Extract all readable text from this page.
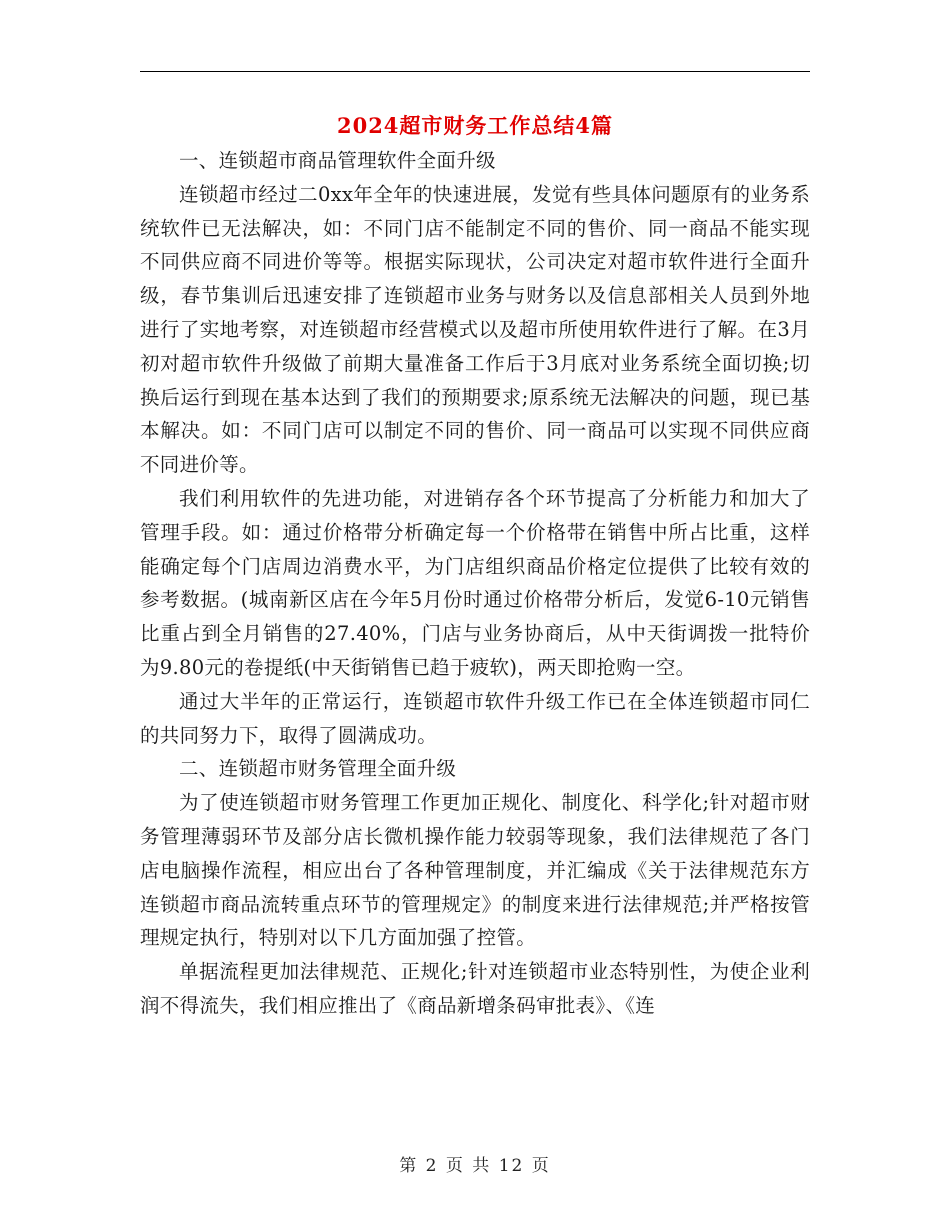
2024超市财务工作总结4篇

一、连锁超市商品管理软件全面升级

连锁超市经过二0xx年全年的快速进展，发觉有些具体问题原有的业务系统软件已无法解决，如：不同门店不能制定不同的售价、同一商品不能实现不同供应商不同进价等等。根据实际现状，公司决定对超市软件进行全面升级，春节集训后迅速安排了连锁超市业务与财务以及信息部相关人员到外地进行了实地考察，对连锁超市经营模式以及超市所使用软件进行了解。在3月初对超市软件升级做了前期大量准备工作后于3月底对业务系统全面切换;切换后运行到现在基本达到了我们的预期要求;原系统无法解决的问题，现已基本解决。如：不同门店可以制定不同的售价、同一商品可以实现不同供应商不同进价等。

我们利用软件的先进功能，对进销存各个环节提高了分析能力和加大了管理手段。如：通过价格带分析确定每一个价格带在销售中所占比重，这样能确定每个门店周边消费水平，为门店组织商品价格定位提供了比较有效的参考数据。(城南新区店在今年5月份时通过价格带分析后，发觉6-10元销售比重占到全月销售的27.40%，门店与业务协商后，从中天街调拨一批特价为9.80元的卷提纸(中天街销售已趋于疲软)，两天即抢购一空。

通过大半年的正常运行，连锁超市软件升级工作已在全体连锁超市同仁的共同努力下，取得了圆满成功。

二、连锁超市财务管理全面升级

为了使连锁超市财务管理工作更加正规化、制度化、科学化;针对超市财务管理薄弱环节及部分店长微机操作能力较弱等现象，我们法律规范了各门店电脑操作流程，相应出台了各种管理制度，并汇编成《关于法律规范东方连锁超市商品流转重点环节的管理规定》的制度来进行法律规范;并严格按管理规定执行，特别对以下几方面加强了控管。

单据流程更加法律规范、正规化;针对连锁超市业态特别性，为使企业利润不得流失，我们相应推出了《商品新增条码审批表》、《连

第 2 页 共 12 页
